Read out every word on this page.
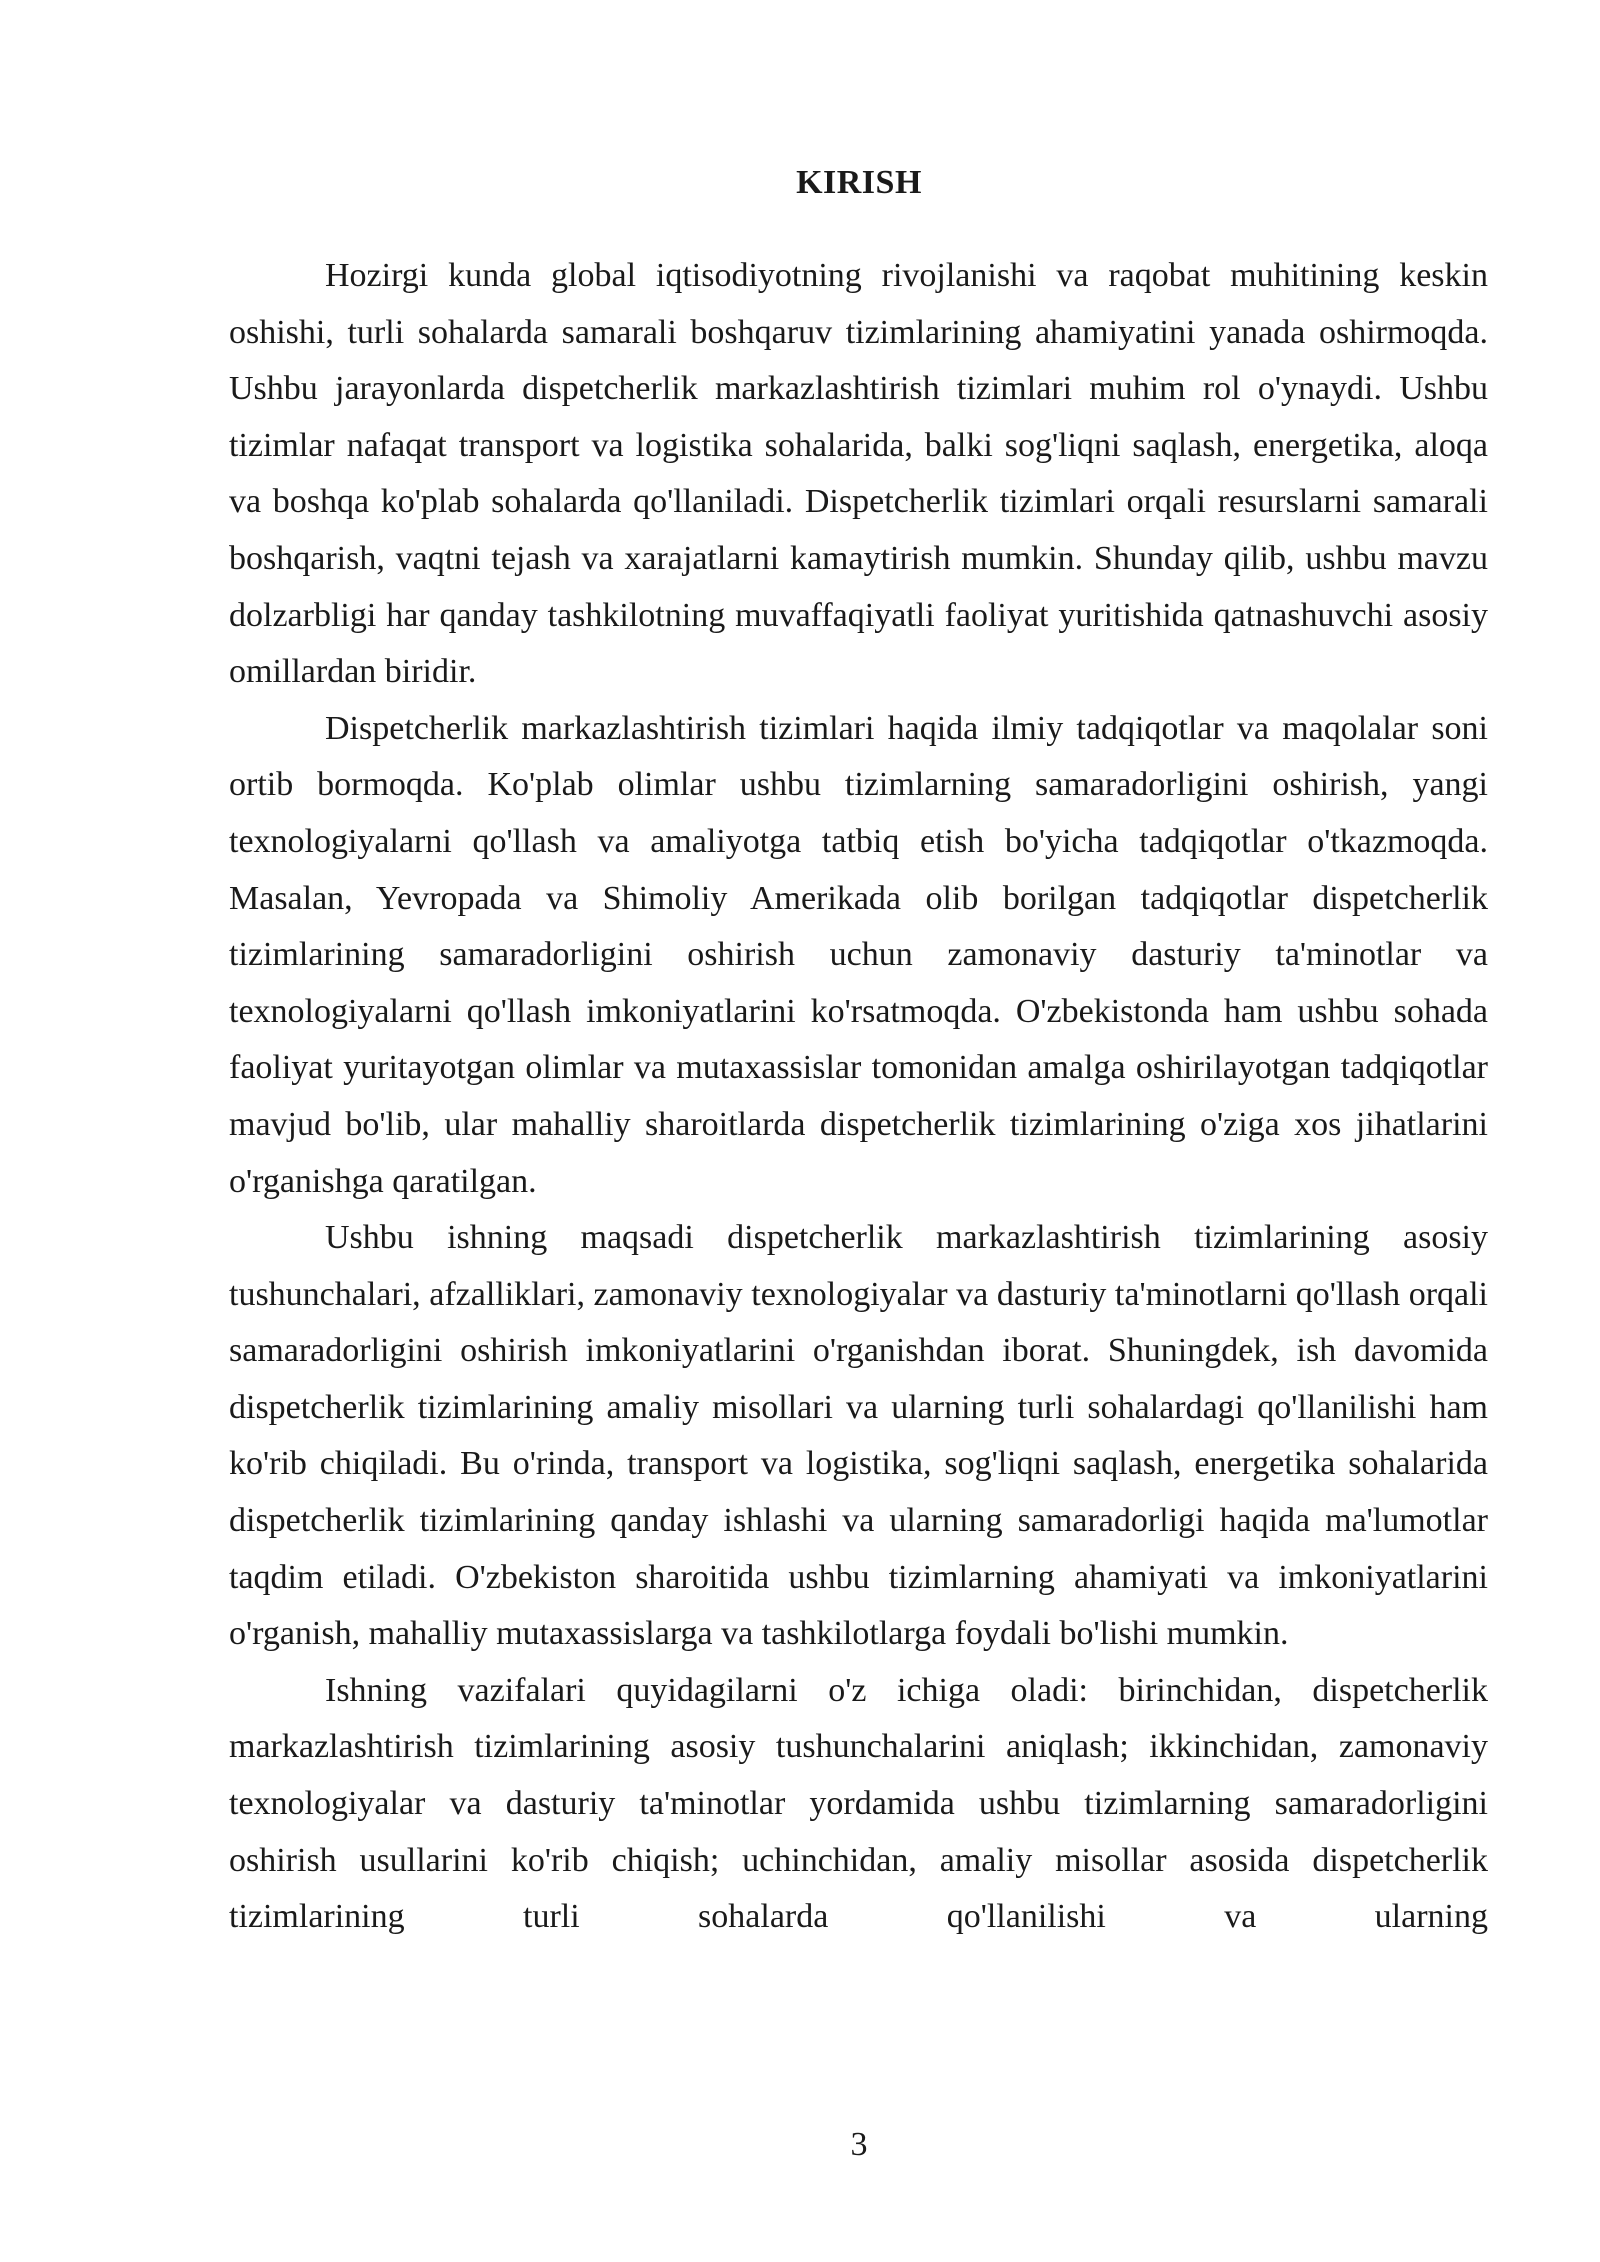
KIRISH

Hozirgi kunda global iqtisodiyotning rivojlanishi va raqobat muhitining keskin oshishi, turli sohalarda samarali boshqaruv tizimlarining ahamiyatini yanada oshirmoqda. Ushbu jarayonlarda dispetcherlik markazlashtirish tizimlari muhim rol o'ynaydi. Ushbu tizimlar nafaqat transport va logistika sohalarida, balki sog'liqni saqlash, energetika, aloqa va boshqa ko'plab sohalarda qo'llaniladi. Dispetcherlik tizimlari orqali resurslarni samarali boshqarish, vaqtni tejash va xarajatlarni kamaytirish mumkin. Shunday qilib, ushbu mavzu dolzarbligi har qanday tashkilotning muvaffaqiyatli faoliyat yuritishida qatnashuvchi asosiy omillardan biridir.

Dispetcherlik markazlashtirish tizimlari haqida ilmiy tadqiqotlar va maqolalar soni ortib bormoqda. Ko'plab olimlar ushbu tizimlarning samaradorligini oshirish, yangi texnologiyalarni qo'llash va amaliyotga tatbiq etish bo'yicha tadqiqotlar o'tkazmoqda. Masalan, Yevropada va Shimoliy Amerikada olib borilgan tadqiqotlar dispetcherlik tizimlarining samaradorligini oshirish uchun zamonaviy dasturiy ta'minotlar va texnologiyalarni qo'llash imkoniyatlarini ko'rsatmoqda. O'zbekistonda ham ushbu sohada faoliyat yuritayotgan olimlar va mutaxassislar tomonidan amalga oshirilayotgan tadqiqotlar mavjud bo'lib, ular mahalliy sharoitlarda dispetcherlik tizimlarining o'ziga xos jihatlarini o'rganishga qaratilgan.

Ushbu ishning maqsadi dispetcherlik markazlashtirish tizimlarining asosiy tushunchalari, afzalliklari, zamonaviy texnologiyalar va dasturiy ta'minotlarni qo'llash orqali samaradorligini oshirish imkoniyatlarini o'rganishdan iborat. Shuningdek, ish davomida dispetcherlik tizimlarining amaliy misollari va ularning turli sohalardagi qo'llanilishi ham ko'rib chiqiladi. Bu o'rinda, transport va logistika, sog'liqni saqlash, energetika sohalarida dispetcherlik tizimlarining qanday ishlashi va ularning samaradorligi haqida ma'lumotlar taqdim etiladi. O'zbekiston sharoitida ushbu tizimlarning ahamiyati va imkoniyatlarini o'rganish, mahalliy mutaxassislarga va tashkilotlarga foydali bo'lishi mumkin.

Ishning vazifalari quyidagilarni o'z ichiga oladi: birinchidan, dispetcherlik markazlashtirish tizimlarining asosiy tushunchalarini aniqlash; ikkinchidan, zamonaviy texnologiyalar va dasturiy ta'minotlar yordamida ushbu tizimlarning samaradorligini oshirish usullarini ko'rib chiqish; uchinchidan, amaliy misollar asosida dispetcherlik tizimlarining turli sohalarda qo'llanilishi va ularning

3
